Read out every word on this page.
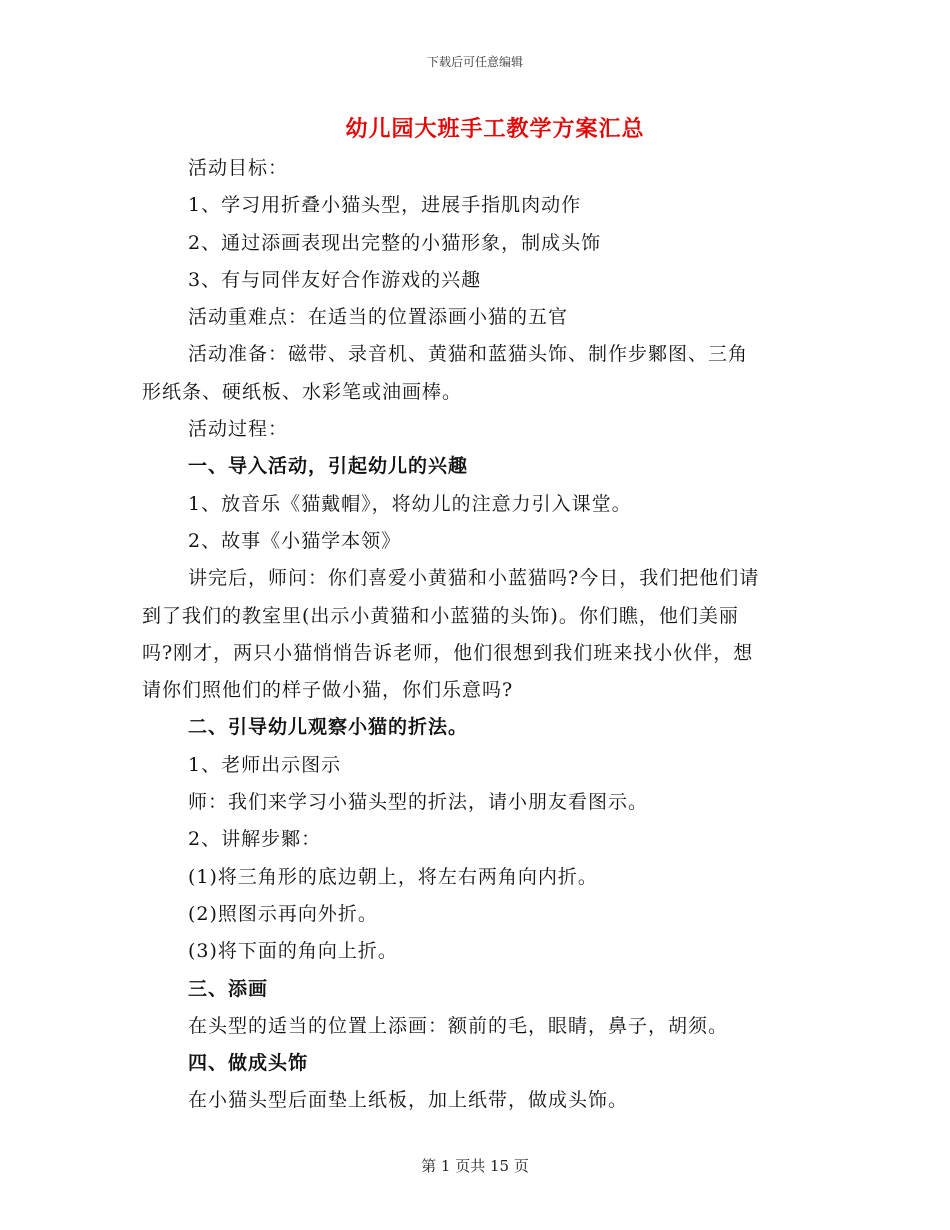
下载后可任意编辑
幼儿园大班手工教学方案汇总
活动目标：
1、学习用折叠小猫头型，进展手指肌肉动作
2、通过添画表现出完整的小猫形象，制成头饰
3、有与同伴友好合作游戏的兴趣
活动重难点：在适当的位置添画小猫的五官
活动准备：磁带、录音机、黄猫和蓝猫头饰、制作步鄹图、三角
形纸条、硬纸板、水彩笔或油画棒。
活动过程：
一、导入活动，引起幼儿的兴趣
1、放音乐《猫戴帽》，将幼儿的注意力引入课堂。
2、故事《小猫学本领》
讲完后，师问：你们喜爱小黄猫和小蓝猫吗?今日，我们把他们请
到了我们的教室里(出示小黄猫和小蓝猫的头饰)。你们瞧，他们美丽
吗?刚才，两只小猫悄悄告诉老师，他们很想到我们班来找小伙伴，想
请你们照他们的样子做小猫，你们乐意吗?
二、引导幼儿观察小猫的折法。
1、老师出示图示
师：我们来学习小猫头型的折法，请小朋友看图示。
2、讲解步鄹：
(1)将三角形的底边朝上，将左右两角向内折。
(2)照图示再向外折。
(3)将下面的角向上折。
三、添画
在头型的适当的位置上添画：额前的毛，眼睛，鼻子，胡须。
四、做成头饰
在小猫头型后面垫上纸板，加上纸带，做成头饰。
第 1 页共 15 页
